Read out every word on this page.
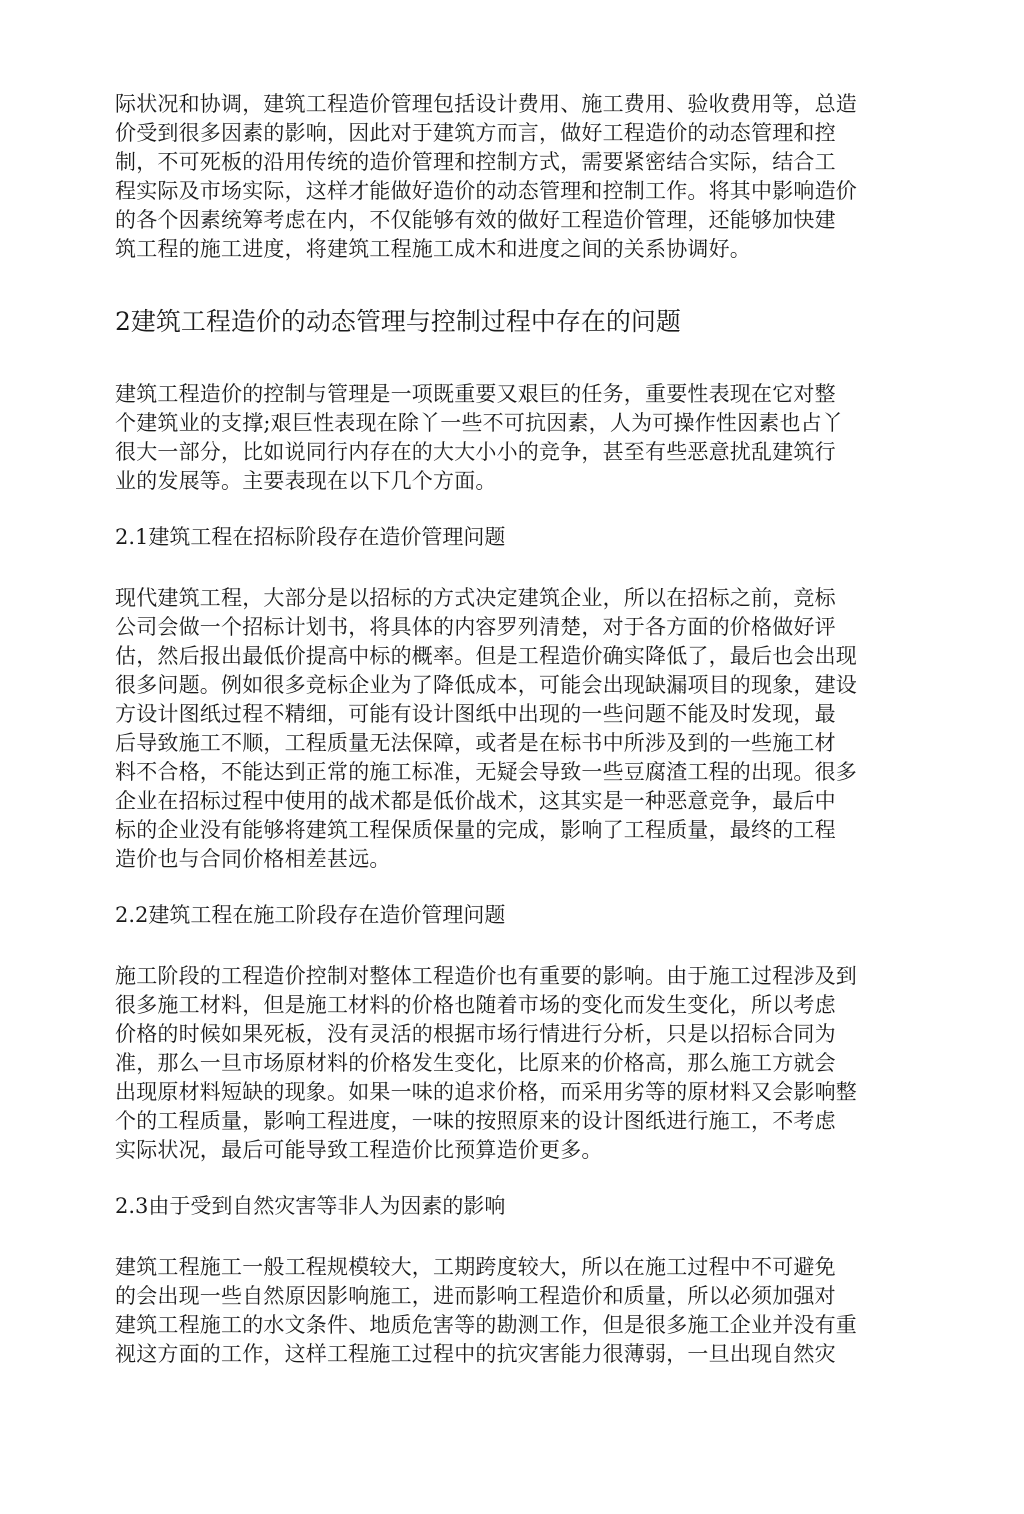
际状况和协调，建筑工程造价管理包括设计费用、施工费用、验收费用等，总造
价受到很多因素的影响，因此对于建筑方而言，做好工程造价的动态管理和控
制，不可死板的沿用传统的造价管理和控制方式，需要紧密结合实际，结合工
程实际及市场实际，这样才能做好造价的动态管理和控制工作。将其中影响造价
的各个因素统筹考虑在内，不仅能够有效的做好工程造价管理，还能够加快建
筑工程的施工进度，将建筑工程施工成木和进度之间的关系协调好。
2建筑工程造价的动态管理与控制过程中存在的问题
建筑工程造价的控制与管理是一项既重要又艰巨的任务，重要性表现在它对整
个建筑业的支撑;艰巨性表现在除丫一些不可抗因素，人为可操作性因素也占丫
很大一部分，比如说同行内存在的大大小小的竞争，甚至有些恶意扰乱建筑行
业的发展等。主要表现在以下几个方面。
2.1建筑工程在招标阶段存在造价管理问题
现代建筑工程，大部分是以招标的方式决定建筑企业，所以在招标之前，竞标
公司会做一个招标计划书，将具体的内容罗列清楚，对于各方面的价格做好评
估，然后报出最低价提高中标的概率。但是工程造价确实降低了，最后也会出现
很多问题。例如很多竞标企业为了降低成本，可能会出现缺漏项目的现象，建设
方设计图纸过程不精细，可能有设计图纸中出现的一些问题不能及时发现，最
后导致施工不顺，工程质量无法保障，或者是在标书中所涉及到的一些施工材
料不合格，不能达到正常的施工标准，无疑会导致一些豆腐渣工程的出现。很多
企业在招标过程中使用的战术都是低价战术，这其实是一种恶意竞争，最后中
标的企业没有能够将建筑工程保质保量的完成，影响了工程质量，最终的工程
造价也与合同价格相差甚远。
2.2建筑工程在施工阶段存在造价管理问题
施工阶段的工程造价控制对整体工程造价也有重要的影响。由于施工过程涉及到
很多施工材料，但是施工材料的价格也随着市场的变化而发生变化，所以考虑
价格的时候如果死板，没有灵活的根据市场行情进行分析，只是以招标合同为
准，那么一旦市场原材料的价格发生变化，比原来的价格高，那么施工方就会
出现原材料短缺的现象。如果一味的追求价格，而采用劣等的原材料又会影响整
个的工程质量，影响工程进度，一味的按照原来的设计图纸进行施工，不考虑
实际状况，最后可能导致工程造价比预算造价更多。
2.3由于受到自然灾害等非人为因素的影响
建筑工程施工一般工程规模较大，工期跨度较大，所以在施工过程中不可避免
的会出现一些自然原因影响施工，进而影响工程造价和质量，所以必须加强对
建筑工程施工的水文条件、地质危害等的勘测工作，但是很多施工企业并没有重
视这方面的工作，这样工程施工过程中的抗灾害能力很薄弱，一旦出现自然灾
